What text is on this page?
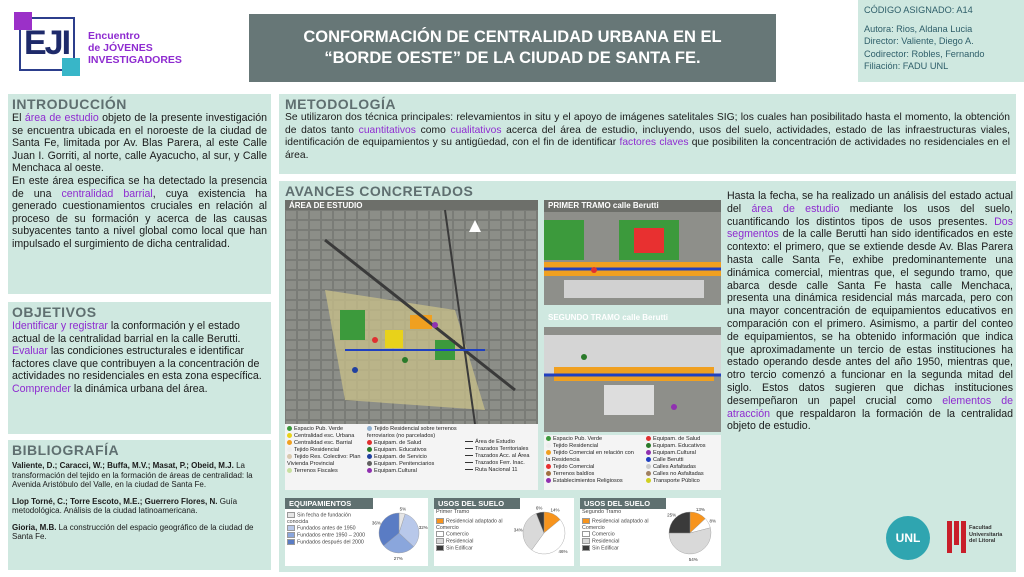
EJI Encuentro
de JÓVENES
INVESTIGADORES
CONFORMACIÓN DE CENTRALIDAD URBANA EN EL
“BORDE OESTE” DE LA CIUDAD DE SANTA FE.
CÓDIGO ASIGNADO: A14
Autora: Rios, Aldana Lucia
Director: Valiente, Diego A.
Codirector: Robles, Fernando
Filiación: FADU UNL
INTRODUCCIÓN
El área de estudio objeto de la presente investigación se encuentra ubicada en el noroeste de la ciudad de Santa Fe, limitada por Av. Blas Parera, al este Calle Juan I. Gorriti, al norte, calle Ayacucho, al sur, y Calle Menchaca al oeste.
En este área especifica se ha detectado la presencia de una centralidad barrial, cuya existencia ha generado cuestionamientos cruciales en relación al proceso de su formación y acerca de las causas subyacentes tanto a nivel global como local que han impulsado el surgimiento de dicha centralidad.
OBJETIVOS
Identificar y registrar la conformación y el estado actual de la centralidad barrial en la calle Berutti.
Evaluar las condiciones estructurales e identificar factores clave que contribuyen a la concentración de actividades no residenciales en esta zona específica.
Comprender la dinámica urbana del área.
BIBLIOGRAFÍA
Valiente, D.; Caracci, W.; Buffa, M.V.; Masat, P.; Obeid, M.J. La transformación del tejido en la formación de áreas de centralidad: la Avenida Aristóbulo del Valle, en la ciudad de Santa Fe.
Llop Torné, C.; Torre Escoto, M.E.; Guerrero Flores, N. Guía metodológica. Análisis de la ciudad latinoamericana.
Gioria, M.B. La construcción del espacio geográfico de la ciudad de Santa Fe.
METODOLOGÍA
Se utilizaron dos técnica principales: relevamientos in situ y el apoyo de imágenes satelitales SIG; los cuales han posibilitado hasta el momento, la obtención de datos tanto cuantitativos como cualitativos acerca del área de estudio, incluyendo, usos del suelo, actividades, estado de las infraestructuras viales, identificación de equipamientos y su antigüedad, con el fin de identificar factores claves que posibiliten la concentración de actividades no residenciales en el área.
AVANCES CONCRETADOS
ÁREA DE ESTUDIO
Espacio Pub. Verde
Centralidad esc. Urbana
Centralidad esc. Barrial
Tejido Residencial
Tejido Res. Colectivo: Plan Vivienda Provincial
Terrenos Fiscales
Tejido Residencial sobre terrenos ferroviarios (no parcelados)
Equipam. de Salud
Equipam. Educativos
Equipam. de Servicio
Equipam. Penitenciarios
Equipam.Cultural
Área de Estudio
Trazados Territoriales
Trazados Acc. al Área
Trazados Ferr. Inac.
Ruta Nacional 11
PRIMER TRAMO calle Berutti
SEGUNDO TRAMO calle Berutti
Espacio Pub. Verde
Tejido Residencial
Tejido Comercial en relación con la Residencia
Tejido Comercial
Terrenos baldíos
Establecimientos Religiosos
Equipam. de Salud
Equipam. Educativos
Equipam.Cultural
Calle Berutti
Calles Asfaltadas
Calles no Asfaltadas
Transporte Público
Hasta la fecha, se ha realizado un análisis del estado actual del área de estudio mediante los usos del suelo, cuantificando los distintos tipos de usos presentes. Dos segmentos de la calle Berutti han sido identificados en este contexto: el primero, que se extiende desde Av. Blas Parera hasta calle Santa Fe, exhibe predominantemente una dinámica comercial, mientras que, el segundo tramo, que abarca desde calle Santa Fe hasta calle Menchaca, presenta una dinámica residencial más marcada, pero con una mayor concentración de equipamientos educativos en comparación con el primero. Asimismo, a partir del conteo de equipamientos, se ha obtenido información que indica que aproximadamente un tercio de estas instituciones ha estado operando desde antes del año 1950, mientras que, otro tercio comenzó a funcionar en la segunda mitad del siglo. Estos datos sugieren que dichas instituciones desempeñaron un papel crucial como elementos de atracción que respaldaron la formación de la centralidad objeto de estudio.
EQUIPAMIENTOS
Sin fecha de fundación conocida
Fundados antes de 1950
Fundados entre 1950 – 2000
Fundados después del 2000
5%
32%
27%
36%
USOS DEL SUELO
Primer Tramo
Residencial adaptado al Comercio
Comercio
Residencial
Sin Edificar
14%
46%
34%
6%	USOS DEL SUELO
Segundo Tramo
Residencial adaptado al Comercio
Comercio
Residencial
Sin Edificar
13%
8%
54%
25%
UNL
Facultad
Universitaria
del Litoral
